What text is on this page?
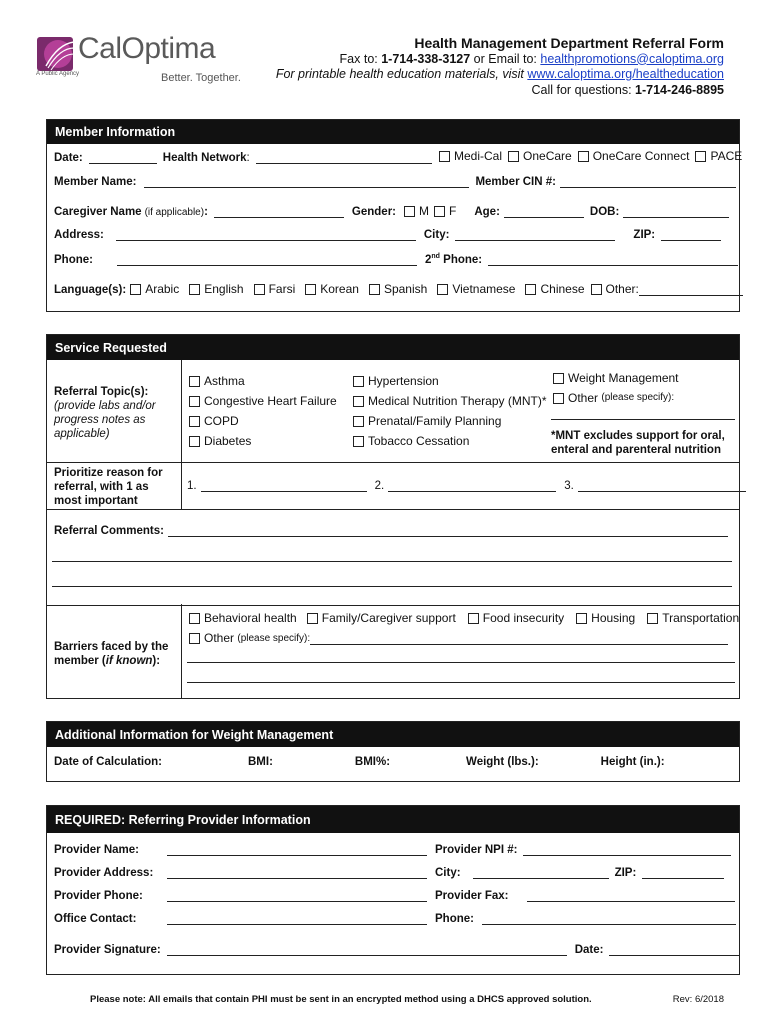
CalOptima
A Public Agency	Better. Together.
Health Management Department Referral Form
Fax to: 1-714-338-3127 or Email to: healthpromotions@caloptima.org
For printable health education materials, visit www.caloptima.org/healtheducation
Call for questions: 1-714-246-8895
Member Information
Date:	Health Network :	Medi-Cal OneCare OneCare Connect PACE
Member Name:	Member CIN #:
Caregiver Name (if applicable) :	Gender: M F Age:	DOB:
Address:	City:	ZIP:
Phone:	2nd Phone:
Language(s): Arabic English Farsi Korean Spanish Vietnamese Chinese Other:
Service Requested
Referral Topic(s):
(provide labs and/or progress notes as applicable)
Asthma
Congestive Heart Failure
COPD
Diabetes
Hypertension
Medical Nutrition Therapy (MNT)*
Prenatal/Family Planning
Tobacco Cessation
Weight Management
Other
(please specify):
*MNT excludes support for oral, enteral and parenteral nutrition
Prioritize reason for referral, with 1 as most important
1.	2.	3.
Referral Comments:
Barriers faced by the member (if known):
Behavioral health Family/Caregiver support Food insecurity Housing Transportation
Other
(please specify):
Additional Information for Weight Management
Date of Calculation:	BMI:	BMI%:	Weight (lbs.):	Height (in.):
REQUIRED: Referring Provider Information
Provider Name:	Provider NPI #:
Provider Address:	City:	ZIP:
Provider Phone:	Provider Fax:
Office Contact:	Phone:
Provider Signature:	Date:
Please note: All emails that contain PHI must be sent in an encrypted method using a DHCS approved solution.	Rev: 6/2018
